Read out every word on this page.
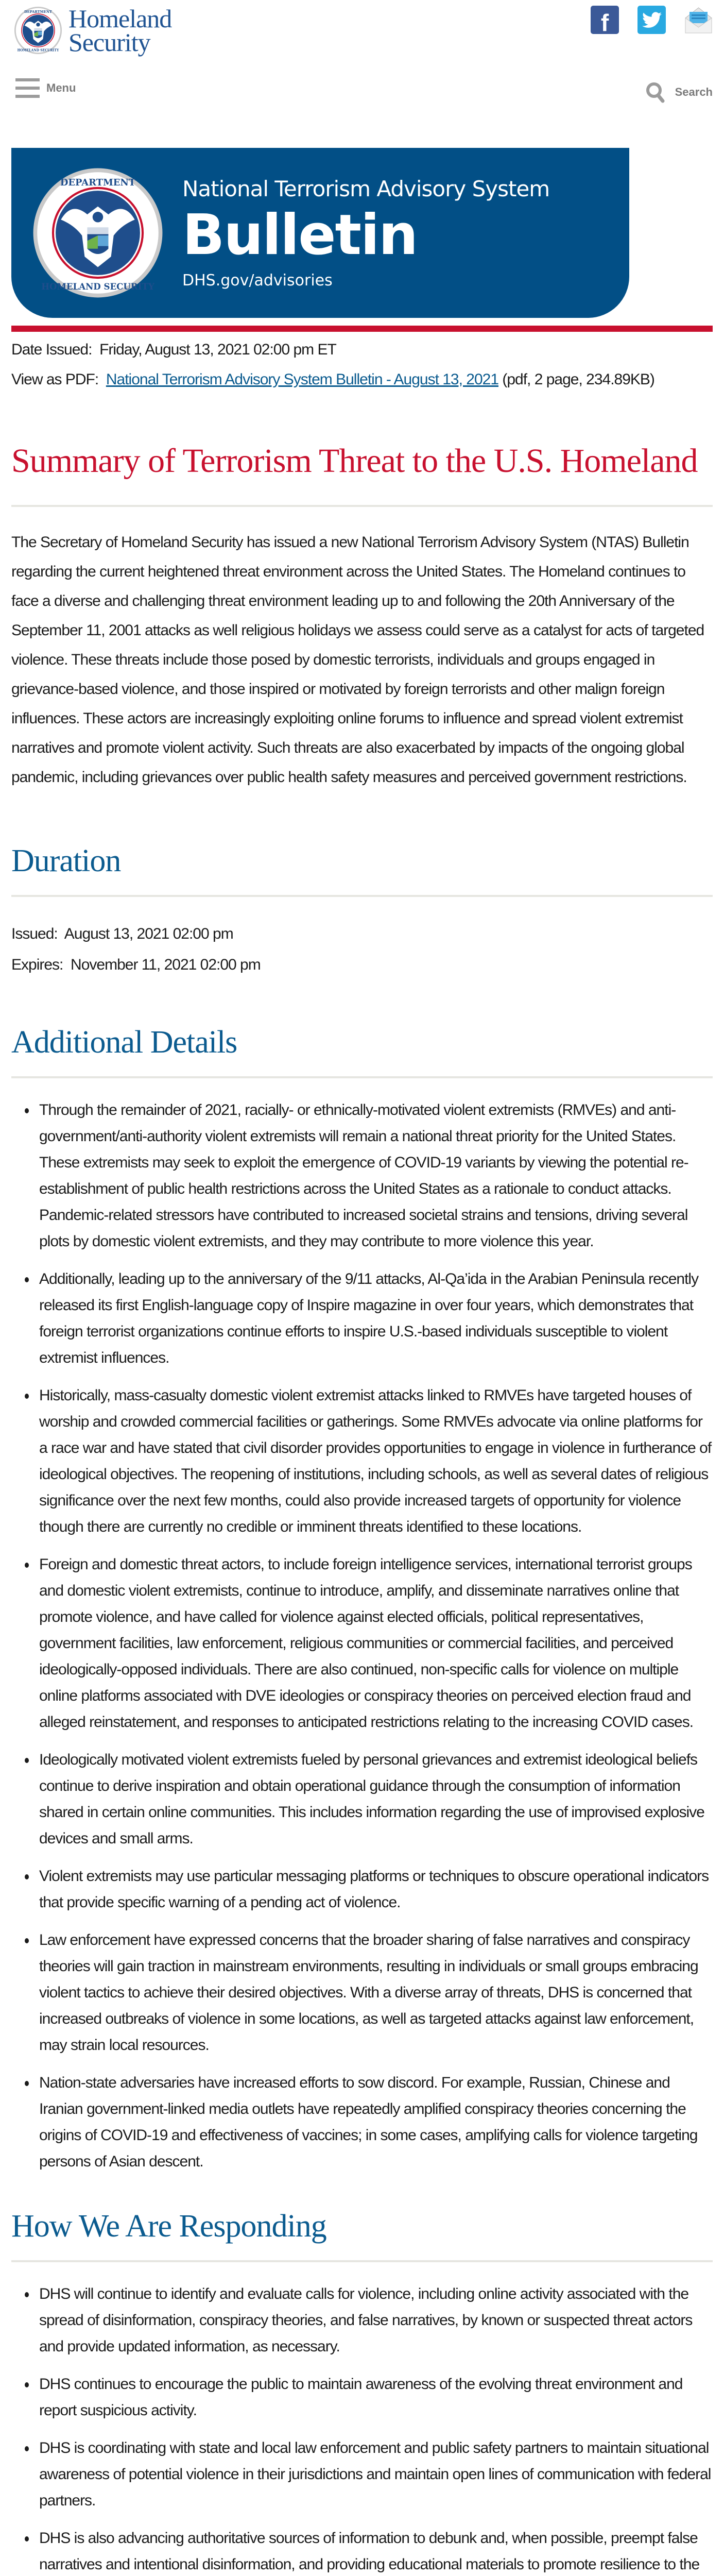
Homeland
Security
f
Menu	Search
National Terrorism Advisory System
Bulletin
DHS.gov/advisories
Date Issued: Friday, August 13, 2021 02:00 pm ET
View as PDF: National Terrorism Advisory System Bulletin - August 13, 2021 (pdf, 2 page, 234.89KB)
Summary of Terrorism Threat to the U.S. Homeland

The Secretary of Homeland Security has issued a new National Terrorism Advisory System (NTAS) Bulletin regarding the current heightened threat environment across the United States. The Homeland continues to face a diverse and challenging threat environment leading up to and following the 20th Anniversary of the September 11, 2001 attacks as well religious holidays we assess could serve as a catalyst for acts of targeted violence. These threats include those posed by domestic terrorists, individuals and groups engaged in grievance-based violence, and those inspired or motivated by foreign terrorists and other malign foreign influences. These actors are increasingly exploiting online forums to influence and spread violent extremist narratives and promote violent activity. Such threats are also exacerbated by impacts of the ongoing global pandemic, including grievances over public health safety measures and perceived government restrictions.

Duration
Issued: August 13, 2021 02:00 pm
Expires: November 11, 2021 02:00 pm
Additional Details
Through the remainder of 2021, racially- or ethnically-motivated violent extremists (RMVEs) and anti-government/anti-authority violent extremists will remain a national threat priority for the United States. These extremists may seek to exploit the emergence of COVID-19 variants by viewing the potential re-establishment of public health restrictions across the United States as a rationale to conduct attacks. Pandemic-related stressors have contributed to increased societal strains and tensions, driving several plots by domestic violent extremists, and they may contribute to more violence this year.
Additionally, leading up to the anniversary of the 9/11 attacks, Al-Qa’ida in the Arabian Peninsula recently released its first English-language copy of Inspire magazine in over four years, which demonstrates that foreign terrorist organizations continue efforts to inspire U.S.-based individuals susceptible to violent extremist influences.
Historically, mass-casualty domestic violent extremist attacks linked to RMVEs have targeted houses of worship and crowded commercial facilities or gatherings. Some RMVEs advocate via online platforms for a race war and have stated that civil disorder provides opportunities to engage in violence in furtherance of ideological objectives. The reopening of institutions, including schools, as well as several dates of religious significance over the next few months, could also provide increased targets of opportunity for violence though there are currently no credible or imminent threats identified to these locations.
Foreign and domestic threat actors, to include foreign intelligence services, international terrorist groups and domestic violent extremists, continue to introduce, amplify, and disseminate narratives online that promote violence, and have called for violence against elected officials, political representatives, government facilities, law enforcement, religious communities or commercial facilities, and perceived ideologically-opposed individuals. There are also continued, non-specific calls for violence on multiple online platforms associated with DVE ideologies or conspiracy theories on perceived election fraud and alleged reinstatement, and responses to anticipated restrictions relating to the increasing COVID cases.
Ideologically motivated violent extremists fueled by personal grievances and extremist ideological beliefs continue to derive inspiration and obtain operational guidance through the consumption of information shared in certain online communities. This includes information regarding the use of improvised explosive devices and small arms.
Violent extremists may use particular messaging platforms or techniques to obscure operational indicators that provide specific warning of a pending act of violence.
Law enforcement have expressed concerns that the broader sharing of false narratives and conspiracy theories will gain traction in mainstream environments, resulting in individuals or small groups embracing violent tactics to achieve their desired objectives. With a diverse array of threats, DHS is concerned that increased outbreaks of violence in some locations, as well as targeted attacks against law enforcement, may strain local resources.
Nation-state adversaries have increased efforts to sow discord. For example, Russian, Chinese and Iranian government-linked media outlets have repeatedly amplified conspiracy theories concerning the origins of COVID-19 and effectiveness of vaccines; in some cases, amplifying calls for violence targeting persons of Asian descent.
How We Are Responding
DHS will continue to identify and evaluate calls for violence, including online activity associated with the spread of disinformation, conspiracy theories, and false narratives, by known or suspected threat actors and provide updated information, as necessary.
DHS continues to encourage the public to maintain awareness of the evolving threat environment and report suspicious activity.
DHS is coordinating with state and local law enforcement and public safety partners to maintain situational awareness of potential violence in their jurisdictions and maintain open lines of communication with federal partners.
DHS is also advancing authoritative sources of information to debunk and, when possible, preempt false narratives and intentional disinformation, and providing educational materials to promote resilience to the
